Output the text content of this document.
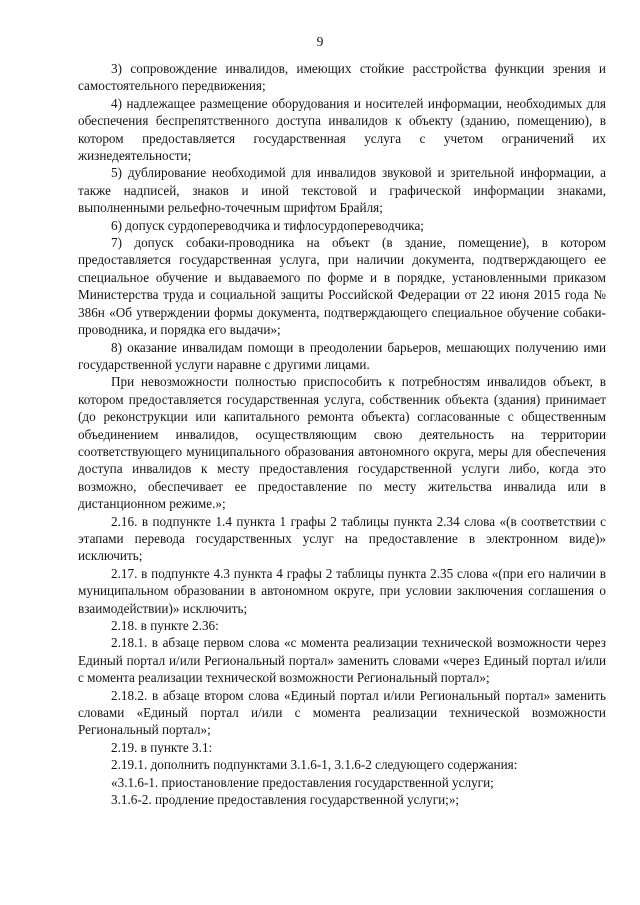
9

3) сопровождение инвалидов, имеющих стойкие расстройства функции зрения и самостоятельного передвижения;

4) надлежащее размещение оборудования и носителей информации, необходимых для обеспечения беспрепятственного доступа инвалидов к объекту (зданию, помещению), в котором предоставляется государственная услуга с учетом ограничений их жизнедеятельности;

5) дублирование необходимой для инвалидов звуковой и зрительной информации, а также надписей, знаков и иной текстовой и графической информации знаками, выполненными рельефно-точечным шрифтом Брайля;

6) допуск сурдопереводчика и тифлосурдопереводчика;

7) допуск собаки-проводника на объект (в здание, помещение), в котором предоставляется государственная услуга, при наличии документа, подтверждающего ее специальное обучение и выдаваемого по форме и в порядке, установленными приказом Министерства труда и социальной защиты Российской Федерации от 22 июня 2015 года № 386н «Об утверждении формы документа, подтверждающего специальное обучение собаки-проводника, и порядка его выдачи»;

8) оказание инвалидам помощи в преодолении барьеров, мешающих получению ими государственной услуги наравне с другими лицами.

При невозможности полностью приспособить к потребностям инвалидов объект, в котором предоставляется государственная услуга, собственник объекта (здания) принимает (до реконструкции или капитального ремонта объекта) согласованные с общественным объединением инвалидов, осуществляющим свою деятельность на территории соответствующего муниципального образования автономного округа, меры для обеспечения доступа инвалидов к месту предоставления государственной услуги либо, когда это возможно, обеспечивает ее предоставление по месту жительства инвалида или в дистанционном режиме.»;

2.16. в подпункте 1.4 пункта 1 графы 2 таблицы пункта 2.34 слова «(в соответствии с этапами перевода государственных услуг на предоставление в электронном виде)» исключить;

2.17. в подпункте 4.3 пункта 4 графы 2 таблицы пункта 2.35 слова «(при его наличии в муниципальном образовании в автономном округе, при условии заключения соглашения о взаимодействии)» исключить;

2.18. в пункте 2.36:

2.18.1. в абзаце первом слова «с момента реализации технической возможности через Единый портал и/или Региональный портал» заменить словами «через Единый портал и/или с момента реализации технической возможности Региональный портал»;

2.18.2. в абзаце втором слова «Единый портал и/или Региональный портал» заменить словами «Единый портал и/или с момента реализации технической возможности Региональный портал»;

2.19. в пункте 3.1:

2.19.1. дополнить подпунктами 3.1.6-1, 3.1.6-2 следующего содержания:

«3.1.6-1. приостановление предоставления государственной услуги;

3.1.6-2. продление предоставления государственной услуги;»;
